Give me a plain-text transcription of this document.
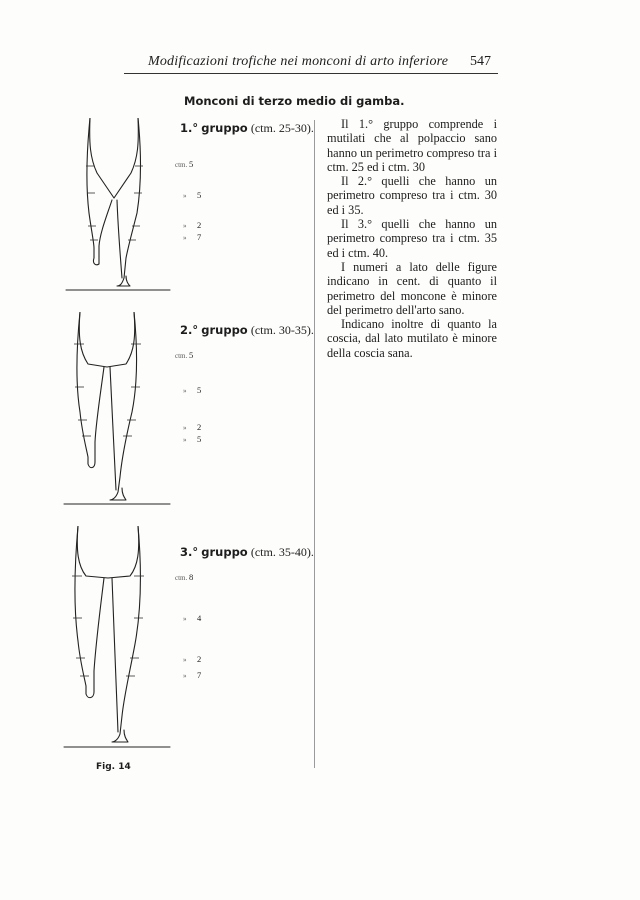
Modificazioni trofiche nei monconi di arto inferiore 547
Monconi di terzo medio di gamba.
1.° gruppo (ctm. 25-30).
ctm. 5
» 5
» 2
» 7
2.° gruppo (ctm. 30-35).
ctm. 5
» 5
» 2
» 5
3.° gruppo (ctm. 35-40).
ctm. 8
» 4
» 2
» 7

Il 1.° gruppo comprende i mutilati che al polpaccio sano hanno un perimetro compreso tra i ctm. 25 ed i ctm. 30

Il 2.° quelli che hanno un perimetro compreso tra i ctm. 30 ed i 35.

Il 3.° quelli che hanno un perimetro compreso tra i ctm. 35 ed i ctm. 40.

I numeri a lato delle figure indicano in cent. di quanto il perimetro del moncone è minore del perimetro dell'arto sano.

Indicano inoltre di quanto la coscia, dal lato mutilato è minore della coscia sana.

Fig. 14
